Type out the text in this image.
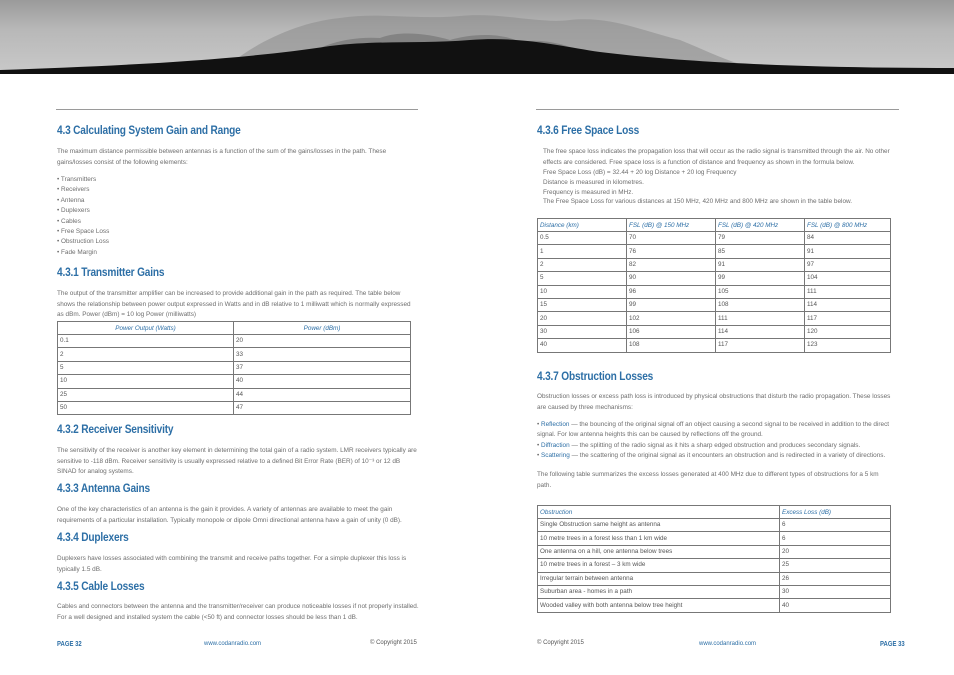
4.3 Calculating System Gain and Range

The maximum distance permissible between antennas is a function of the sum of the gains/losses in the path. These gains/losses consist of the following elements:

• Transmitters
• Receivers
• Antenna
• Duplexers
• Cables
• Free Space Loss
• Obstruction Loss
• Fade Margin
4.3.1 Transmitter Gains

The output of the transmitter amplifier can be increased to provide additional gain in the path as required. The table below shows the relationship between power output expressed in Watts and in dB relative to 1 milliwatt which is normally expressed as dBm. Power (dBm) = 10 log Power (milliwatts)

Power Output (Watts)	Power (dBm)
0.1	20
2	33
5	37
10	40
25	44
50	47
4.3.2 Receiver Sensitivity

The sensitivity of the receiver is another key element in determining the total gain of a radio system. LMR receivers typically are sensitive to -118 dBm. Receiver sensitivity is usually expressed relative to a defined Bit Error Rate (BER) of 10⁻³ or 12 dB SINAD for analog systems.

4.3.3 Antenna Gains

One of the key characteristics of an antenna is the gain it provides. A variety of antennas are available to meet the gain requirements of a particular installation. Typically monopole or dipole Omni directional antenna have a gain of unity (0 dB).

4.3.4 Duplexers

Duplexers have losses associated with combining the transmit and receive paths together. For a simple duplexer this loss is typically 1.5 dB.

4.3.5 Cable Losses

Cables and connectors between the antenna and the transmitter/receiver can produce noticeable losses if not properly installed. For a well designed and installed system the cable (<50 ft) and connector losses should be less than 1 dB.

PAGE 32	www.codanradio.com	© Copyright 2015
4.3.6 Free Space Loss

The free space loss indicates the propagation loss that will occur as the radio signal is transmitted through the air. No other effects are considered. Free space loss is a function of distance and frequency as shown in the formula below.

Free Space Loss (dB) = 32.44 + 20 log Distance + 20 log Frequency

Distance is measured in kilometres.

Frequency is measured in MHz.

The Free Space Loss for various distances at 150 MHz, 420 MHz and 800 MHz are shown in the table below.

Distance (km)	FSL (dB) @ 150 MHz	FSL (dB) @ 420 MHz	FSL (dB) @ 800 MHz
0.5	70	79	84
1	76	85	91
2	82	91	97
5	90	99	104
10	96	105	111
15	99	108	114
20	102	111	117
30	106	114	120
40	108	117	123
4.3.7 Obstruction Losses

Obstruction losses or excess path loss is introduced by physical obstructions that disturb the radio propagation. These losses are caused by three mechanisms:

• Reflection — the bouncing of the original signal off an object causing a second signal to be received in addition to the direct signal. For low antenna heights this can be caused by reflections off the ground.
• Diffraction — the splitting of the radio signal as it hits a sharp edged obstruction and produces secondary signals.
• Scattering — the scattering of the original signal as it encounters an obstruction and is redirected in a variety of directions.

The following table summarizes the excess losses generated at 400 MHz due to different types of obstructions for a 5 km path.

Obstruction	Excess Loss (dB)
Single Obstruction same height as antenna	6
10 metre trees in a forest less than 1 km wide	6
One antenna on a hill, one antenna below trees	20
10 metre trees in a forest – 3 km wide	25
Irregular terrain between antenna	26
Suburban area - homes in a path	30
Wooded valley with both antenna below tree height	40
© Copyright 2015	www.codanradio.com	PAGE 33
